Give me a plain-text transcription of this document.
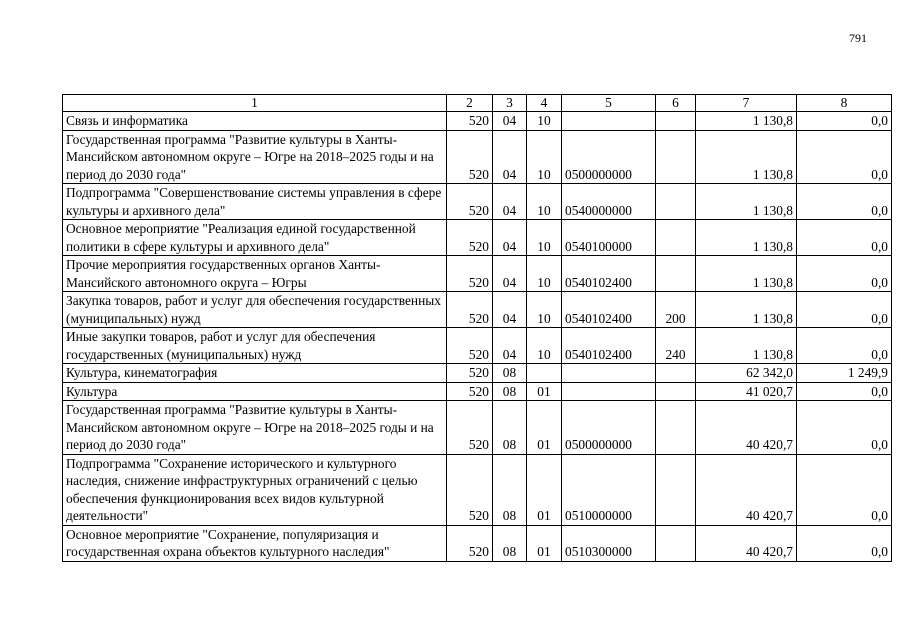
791
1	2	3	4	5	6	7	8
Связь и информатика	520	04	10			1 130,8	0,0
Государственная программа "Развитие культуры в Ханты-Мансийском автономном округе – Югре на 2018–2025 годы и на период до 2030 года"	520	04	10	0500000000		1 130,8	0,0
Подпрограмма "Совершенствование системы управления в сфере культуры и архивного дела"	520	04	10	0540000000		1 130,8	0,0
Основное мероприятие "Реализация единой государственной политики в сфере культуры и архивного дела"	520	04	10	0540100000		1 130,8	0,0
Прочие мероприятия государственных органов Ханты-Мансийского автономного округа – Югры	520	04	10	0540102400		1 130,8	0,0
Закупка товаров, работ и услуг для обеспечения государственных (муниципальных) нужд	520	04	10	0540102400	200	1 130,8	0,0
Иные закупки товаров, работ и услуг для обеспечения государственных (муниципальных) нужд	520	04	10	0540102400	240	1 130,8	0,0
Культура, кинематография	520	08				62 342,0	1 249,9
Культура	520	08	01			41 020,7	0,0
Государственная программа "Развитие культуры в Ханты-Мансийском автономном округе – Югре на 2018–2025 годы и на период до 2030 года"	520	08	01	0500000000		40 420,7	0,0
Подпрограмма "Сохранение исторического и культурного наследия, снижение инфраструктурных ограничений с целью обеспечения функционирования всех видов культурной деятельности"	520	08	01	0510000000		40 420,7	0,0
Основное мероприятие "Сохранение, популяризация и государственная охрана объектов культурного наследия"	520	08	01	0510300000		40 420,7	0,0
